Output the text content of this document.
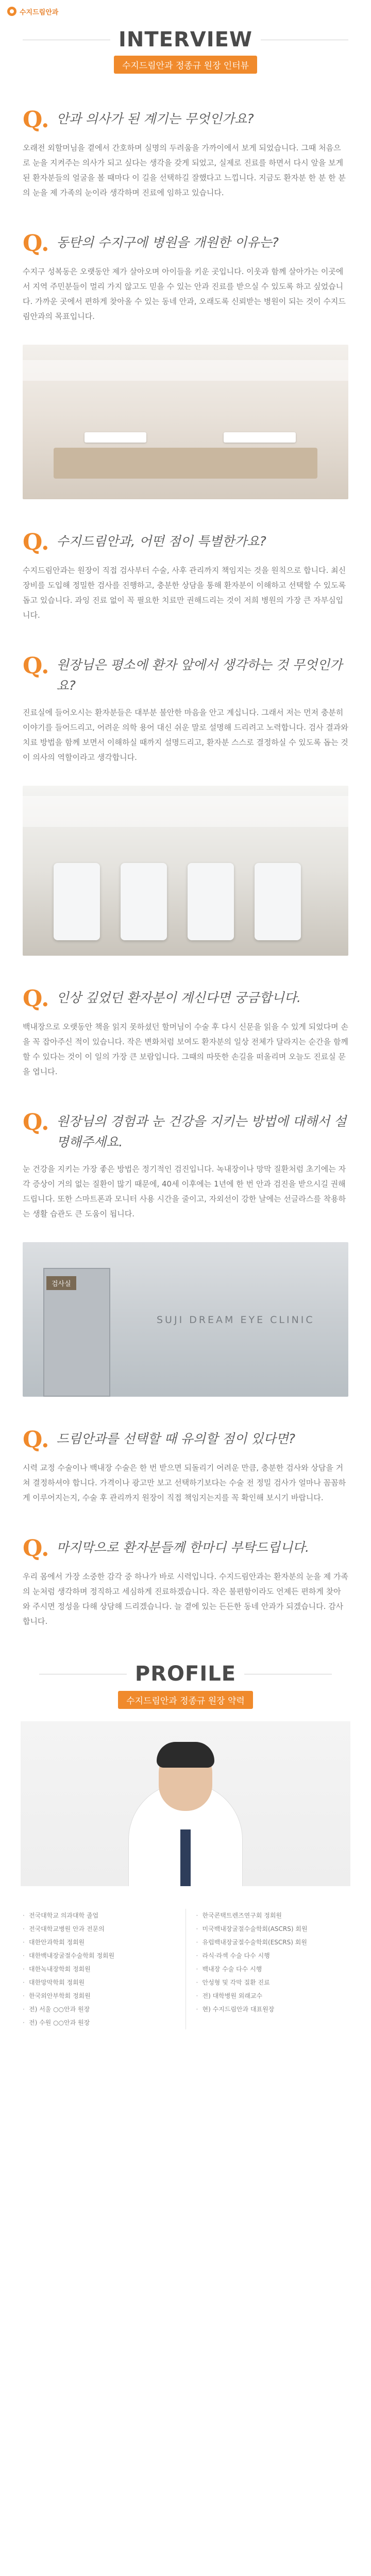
수지드림안과
INTERVIEW
수지드림안과 정종규 원장 인터뷰
Q. 안과 의사가 된 계기는 무엇인가요?

오래전 외할머님을 곁에서 간호하며 실명의 두려움을 가까이에서 보게 되었습니다. 그때 처음으로 눈을 지켜주는 의사가 되고 싶다는 생각을 갖게 되었고, 실제로 진료를 하면서 다시 앞을 보게 된 환자분들의 얼굴을 볼 때마다 이 길을 선택하길 잘했다고 느낍니다. 지금도 환자분 한 분 한 분의 눈을 제 가족의 눈이라 생각하며 진료에 임하고 있습니다.

Q. 동탄의 수지구에 병원을 개원한 이유는?

수지구 성복동은 오랫동안 제가 살아오며 아이들을 키운 곳입니다. 이웃과 함께 살아가는 이곳에서 지역 주민분들이 멀리 가지 않고도 믿을 수 있는 안과 진료를 받으실 수 있도록 하고 싶었습니다. 가까운 곳에서 편하게 찾아올 수 있는 동네 안과, 오래도록 신뢰받는 병원이 되는 것이 수지드림안과의 목표입니다.

Q. 수지드림안과, 어떤 점이 특별한가요?

수지드림안과는 원장이 직접 검사부터 수술, 사후 관리까지 책임지는 것을 원칙으로 합니다. 최신 장비를 도입해 정밀한 검사를 진행하고, 충분한 상담을 통해 환자분이 이해하고 선택할 수 있도록 돕고 있습니다. 과잉 진료 없이 꼭 필요한 치료만 권해드리는 것이 저희 병원의 가장 큰 자부심입니다.

Q. 원장님은 평소에 환자 앞에서 생각하는 것 무엇인가요?

진료실에 들어오시는 환자분들은 대부분 불안한 마음을 안고 계십니다. 그래서 저는 먼저 충분히 이야기를 들어드리고, 어려운 의학 용어 대신 쉬운 말로 설명해 드리려고 노력합니다. 검사 결과와 치료 방법을 함께 보면서 이해하실 때까지 설명드리고, 환자분 스스로 결정하실 수 있도록 돕는 것이 의사의 역할이라고 생각합니다.

Q. 인상 깊었던 환자분이 계신다면 궁금합니다.

백내장으로 오랫동안 책을 읽지 못하셨던 할머님이 수술 후 다시 신문을 읽을 수 있게 되었다며 손을 꼭 잡아주신 적이 있습니다. 작은 변화처럼 보여도 환자분의 일상 전체가 달라지는 순간을 함께할 수 있다는 것이 이 일의 가장 큰 보람입니다. 그때의 따뜻한 손길을 떠올리며 오늘도 진료실 문을 엽니다.

Q. 원장님의 경험과 눈 건강을 지키는 방법에 대해서 설명해주세요.

눈 건강을 지키는 가장 좋은 방법은 정기적인 검진입니다. 녹내장이나 망막 질환처럼 초기에는 자각 증상이 거의 없는 질환이 많기 때문에, 40세 이후에는 1년에 한 번 안과 검진을 받으시길 권해드립니다. 또한 스마트폰과 모니터 사용 시간을 줄이고, 자외선이 강한 날에는 선글라스를 착용하는 생활 습관도 큰 도움이 됩니다.

검사실
SUJI DREAM EYE CLINIC
Q. 드림안과를 선택할 때 유의할 점이 있다면?

시력 교정 수술이나 백내장 수술은 한 번 받으면 되돌리기 어려운 만큼, 충분한 검사와 상담을 거쳐 결정하셔야 합니다. 가격이나 광고만 보고 선택하기보다는 수술 전 정밀 검사가 얼마나 꼼꼼하게 이루어지는지, 수술 후 관리까지 원장이 직접 책임지는지를 꼭 확인해 보시기 바랍니다.

Q. 마지막으로 환자분들께 한마디 부탁드립니다.

우리 몸에서 가장 소중한 감각 중 하나가 바로 시력입니다. 수지드림안과는 환자분의 눈을 제 가족의 눈처럼 생각하며 정직하고 세심하게 진료하겠습니다. 작은 불편함이라도 언제든 편하게 찾아와 주시면 정성을 다해 상담해 드리겠습니다. 늘 곁에 있는 든든한 동네 안과가 되겠습니다. 감사합니다.

PROFILE
수지드림안과 정종규 원장 약력
· 전국대학교 의과대학 졸업
· 전국대학교병원 안과 전문의
· 대한안과학회 정회원
· 대한백내장굴절수술학회 정회원
· 대한녹내장학회 정회원
· 대한망막학회 정회원
· 한국외안부학회 정회원
· 전) 서울 ○○안과 원장
· 전) 수원 ○○안과 원장
· 한국콘택트렌즈연구회 정회원
· 미국백내장굴절수술학회(ASCRS) 회원
· 유럽백내장굴절수술학회(ESCRS) 회원
· 라식·라섹 수술 다수 시행
· 백내장 수술 다수 시행
· 안성형 및 각막 질환 진료
· 전) 대학병원 외래교수
· 현) 수지드림안과 대표원장
